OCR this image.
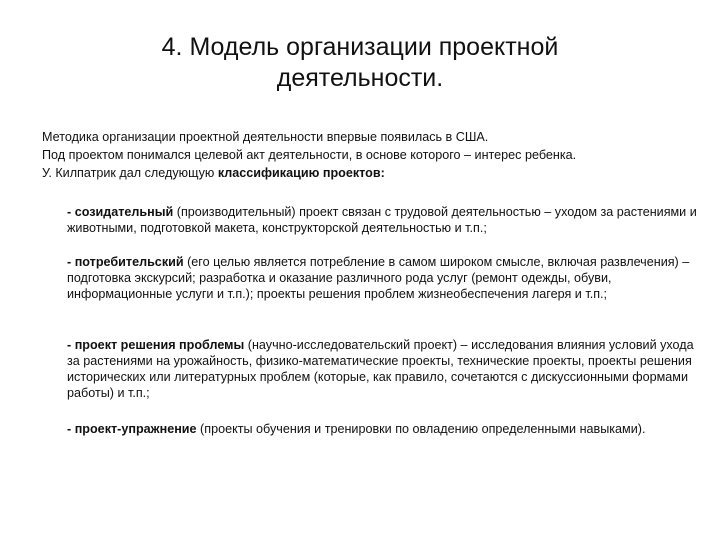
4. Модель организации проектной
деятельности.
Методика организации проектной деятельности впервые появилась в США.
Под проектом понимался целевой акт деятельности, в основе которого – интерес ребенка.
У. Килпатрик дал следующую классификацию проектов:
- созидательный (производительный) проект связан с трудовой деятельностью – уходом за растениями и животными, подготовкой макета, конструкторской деятельностью и т.п.;
- потребительский (его целью является потребление в самом широком смысле, включая развлечения) – подготовка экскурсий; разработка и оказание различного рода услуг (ремонт одежды, обуви, информационные услуги и т.п.); проекты решения проблем жизнеобеспечения лагеря и т.п.;
- проект решения проблемы (научно-исследовательский проект) – исследования влияния условий ухода за растениями на урожайность, физико-математические проекты, технические проекты, проекты решения исторических или литературных проблем (которые, как правило, сочетаются с дискуссионными формами работы) и т.п.;
- проект-упражнение (проекты обучения и тренировки по овладению определенными навыками).
